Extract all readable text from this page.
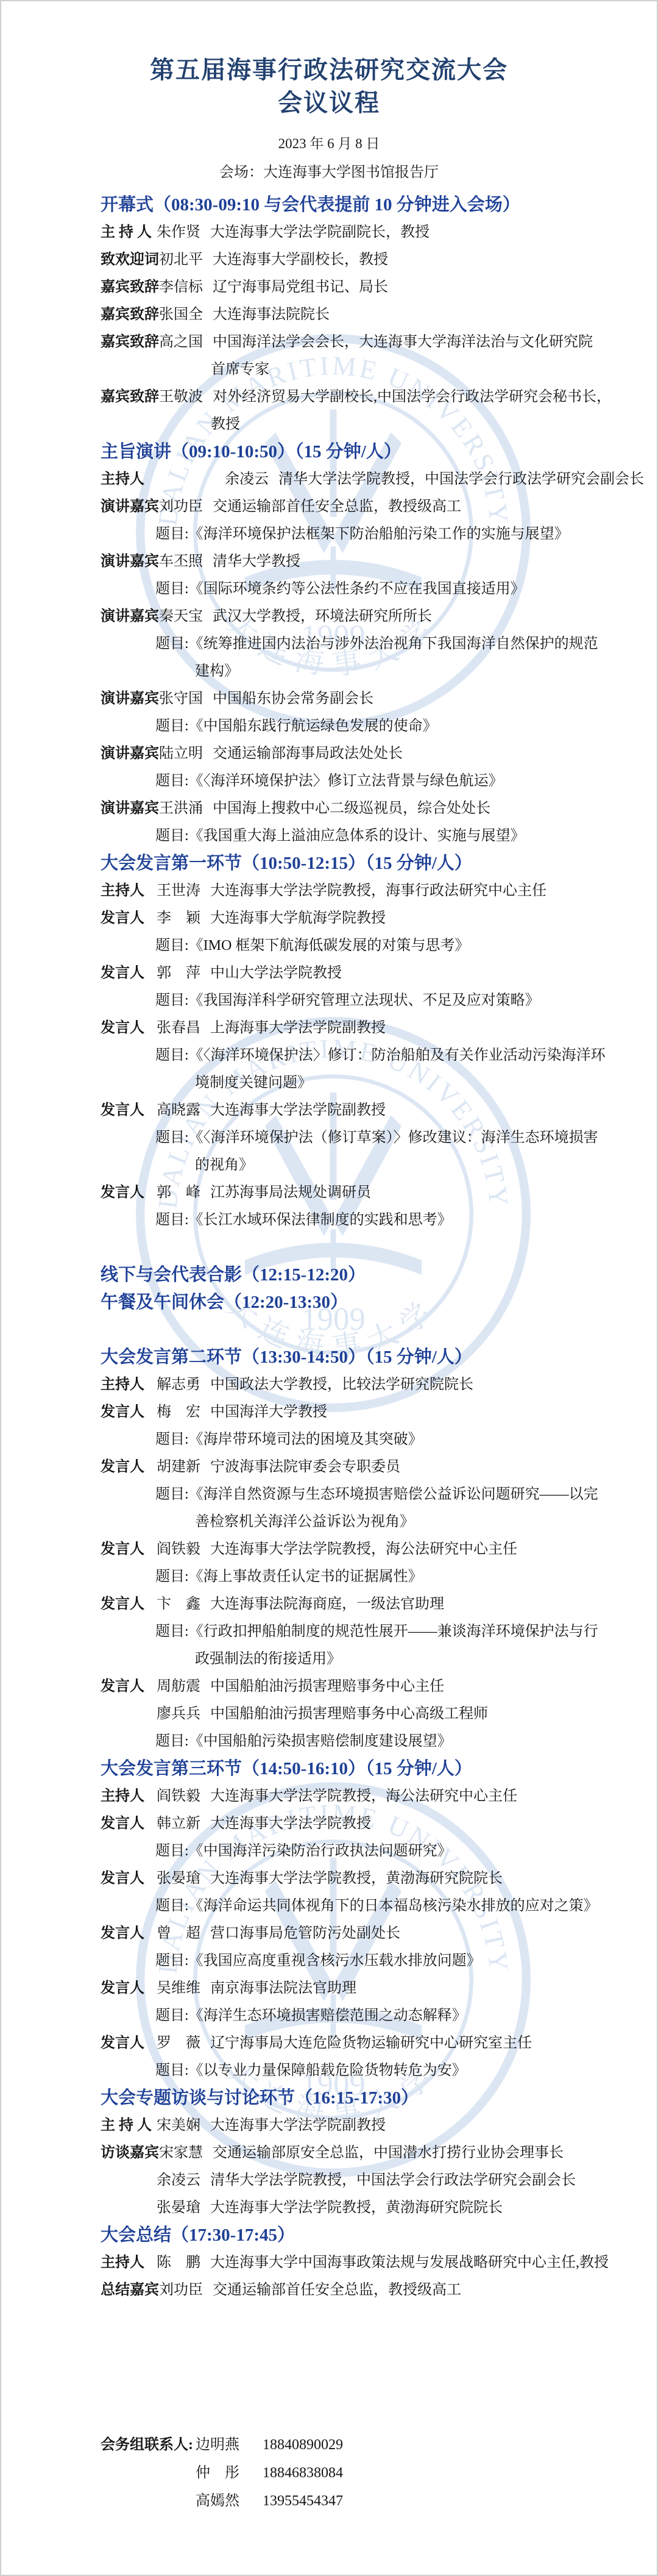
第五届海事行政法研究交流大会
会议议程

2023 年 6 月 8 日

会场：大连海事大学图书馆报告厅

开幕式（08:30-09:10 与会代表提前 10 分钟进入会场）
主 持 人 朱作贤 大连海事大学法学院副院长，教授
致欢迎词初北平 大连海事大学副校长，教授
嘉宾致辞李信标 辽宁海事局党组书记、局长
嘉宾致辞张国全 大连海事法院院长
嘉宾致辞高之国 中国海洋法学会会长，大连海事大学海洋法治与文化研究院
首席专家
嘉宾致辞王敬波 对外经济贸易大学副校长,中国法学会行政法学研究会秘书长，
教授
主旨演讲（09:10-10:50）（15 分钟/人）
主持人	余凌云 清华大学法学院教授，中国法学会行政法学研究会副会长
演讲嘉宾刘功臣 交通运输部首任安全总监，教授级高工
题目:《海洋环境保护法框架下防治船舶污染工作的实施与展望》
演讲嘉宾车丕照 清华大学教授
题目:《国际环境条约等公法性条约不应在我国直接适用》
演讲嘉宾秦天宝 武汉大学教授，环境法研究所所长
题目:《统筹推进国内法治与涉外法治视角下我国海洋自然保护的规范
建构》
演讲嘉宾张守国 中国船东协会常务副会长
题目:《中国船东践行航运绿色发展的使命》
演讲嘉宾陆立明 交通运输部海事局政法处处长
题目:《〈海洋环境保护法〉修订立法背景与绿色航运》
演讲嘉宾王洪涌 中国海上搜救中心二级巡视员，综合处处长
题目:《我国重大海上溢油应急体系的设计、实施与展望》
大会发言第一环节（10:50-12:15）（15 分钟/人）
主持人 王世涛 大连海事大学法学院教授，海事行政法研究中心主任
发言人 李　颖 大连海事大学航海学院教授
题目:《IMO 框架下航海低碳发展的对策与思考》
发言人 郭　萍 中山大学法学院教授
题目:《我国海洋科学研究管理立法现状、不足及应对策略》
发言人 张春昌 上海海事大学法学院副教授
题目:《〈海洋环境保护法〉修订：防治船舶及有关作业活动污染海洋环
境制度关键问题》
发言人 高晓露 大连海事大学法学院副教授
题目:《〈海洋环境保护法（修订草案）〉修改建议：海洋生态环境损害
的视角》
发言人 郭　峰 江苏海事局法规处调研员
题目:《长江水域环保法律制度的实践和思考》
线下与会代表合影（12:15-12:20）
午餐及午间休会（12:20-13:30）
大会发言第二环节（13:30-14:50）（15 分钟/人）
主持人 解志勇 中国政法大学教授，比较法学研究院院长
发言人 梅　宏 中国海洋大学教授
题目:《海岸带环境司法的困境及其突破》
发言人 胡建新 宁波海事法院审委会专职委员
题目:《海洋自然资源与生态环境损害赔偿公益诉讼问题研究——以完
善检察机关海洋公益诉讼为视角》
发言人 阎铁毅 大连海事大学法学院教授，海公法研究中心主任
题目:《海上事故责任认定书的证据属性》
发言人 卞　鑫 大连海事法院海商庭，一级法官助理
题目:《行政扣押船舶制度的规范性展开——兼谈海洋环境保护法与行
政强制法的衔接适用》
发言人 周舫震 中国船舶油污损害理赔事务中心主任
廖兵兵 中国船舶油污损害理赔事务中心高级工程师
题目:《中国船舶污染损害赔偿制度建设展望》
大会发言第三环节（14:50-16:10）（15 分钟/人）
主持人 阎铁毅 大连海事大学法学院教授，海公法研究中心主任
发言人 韩立新 大连海事大学法学院教授
题目:《中国海洋污染防治行政执法问题研究》
发言人 张晏瑲 大连海事大学法学院教授，黄渤海研究院院长
题目:《海洋命运共同体视角下的日本福岛核污染水排放的应对之策》
发言人 曾　超 营口海事局危管防污处副处长
题目:《我国应高度重视含核污水压载水排放问题》
发言人 吴维维 南京海事法院法官助理
题目:《海洋生态环境损害赔偿范围之动态解释》
发言人 罗　薇 辽宁海事局大连危险货物运输研究中心研究室主任
题目:《以专业力量保障船载危险货物转危为安》
大会专题访谈与讨论环节（16:15-17:30）
主 持 人 宋美娴 大连海事大学法学院副教授
访谈嘉宾宋家慧 交通运输部原安全总监，中国潜水打捞行业协会理事长
余凌云 清华大学法学院教授，中国法学会行政法学研究会副会长
张晏瑲 大连海事大学法学院教授，黄渤海研究院院长
大会总结（17:30-17:45）
主持人 陈　鹏 大连海事大学中国海事政策法规与发展战略研究中心主任,教授
总结嘉宾刘功臣 交通运输部首任安全总监，教授级高工
会务组联系人: 边明燕 18840890029
仲　彤 18846838084
高嫣然 13955454347
